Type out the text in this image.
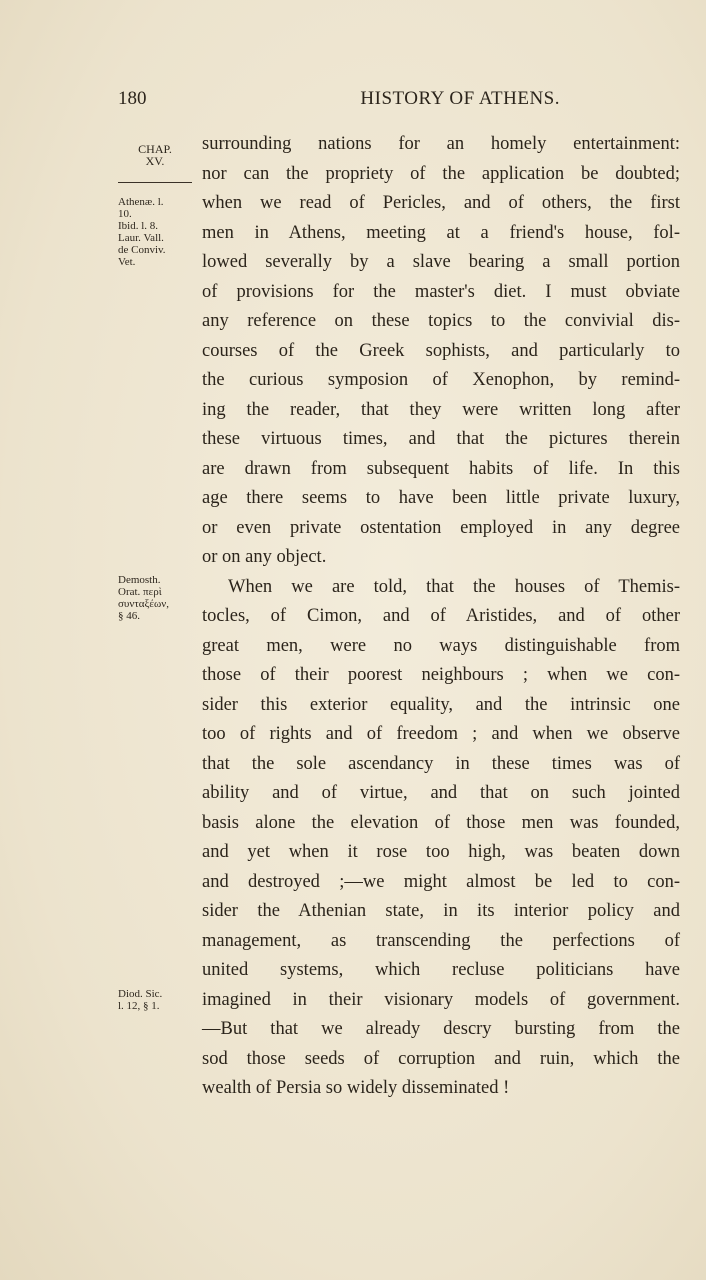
180	HISTORY OF ATHENS.
CHAP.
XV.
Athenæ. l.
10.
Ibid. l. 8.
Laur. Vall.
de Conviv.
Vet.
Demosth.
Orat. περὶ
συνταξέων,
§ 46.
Diod. Sic.
l. 12, § 1.
surrounding nations for an homely entertainment:
nor can the propriety of the application be doubted;
when we read of Pericles, and of others, the first
men in Athens, meeting at a friend's house, fol-
lowed severally by a slave bearing a small portion
of provisions for the master's diet. I must obviate
any reference on these topics to the convivial dis-
courses of the Greek sophists, and particularly to
the curious symposion of Xenophon, by remind-
ing the reader, that they were written long after
these virtuous times, and that the pictures therein
are drawn from subsequent habits of life. In this
age there seems to have been little private luxury,
or even private ostentation employed in any degree
or on any object.
When we are told, that the houses of Themis-
tocles, of Cimon, and of Aristides, and of other
great men, were no ways distinguishable from
those of their poorest neighbours ; when we con-
sider this exterior equality, and the intrinsic one
too of rights and of freedom ; and when we observe
that the sole ascendancy in these times was of
ability and of virtue, and that on such jointed
basis alone the elevation of those men was founded,
and yet when it rose too high, was beaten down
and destroyed ;—we might almost be led to con-
sider the Athenian state, in its interior policy and
management, as transcending the perfections of
united systems, which recluse politicians have
imagined in their visionary models of government.
—But that we already descry bursting from the
sod those seeds of corruption and ruin, which the
wealth of Persia so widely disseminated !
